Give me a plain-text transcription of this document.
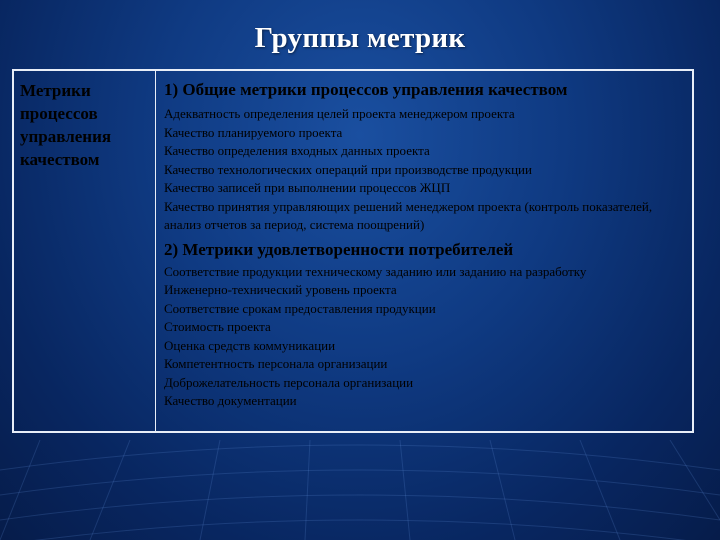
Группы метрик
Метрики
процессов
управления
качеством
1) Общие метрики процессов управления качеством
Адекватность определения целей проекта менеджером проекта
Качество планируемого проекта
Качество определения входных данных проекта
Качество технологических операций при производстве продукции
Качество записей при выполнении процессов ЖЦП
Качество принятия управляющих решений менеджером проекта (контроль показателей, анализ отчетов за период, система поощрений)
2) Метрики удовлетворенности потребителей
Соответствие продукции техническому заданию или заданию на разработку
Инженерно-технический уровень проекта
Соответствие срокам предоставления продукции
Стоимость проекта
Оценка средств коммуникации
Компетентность персонала организации
Доброжелательность персонала организации
Качество документации
